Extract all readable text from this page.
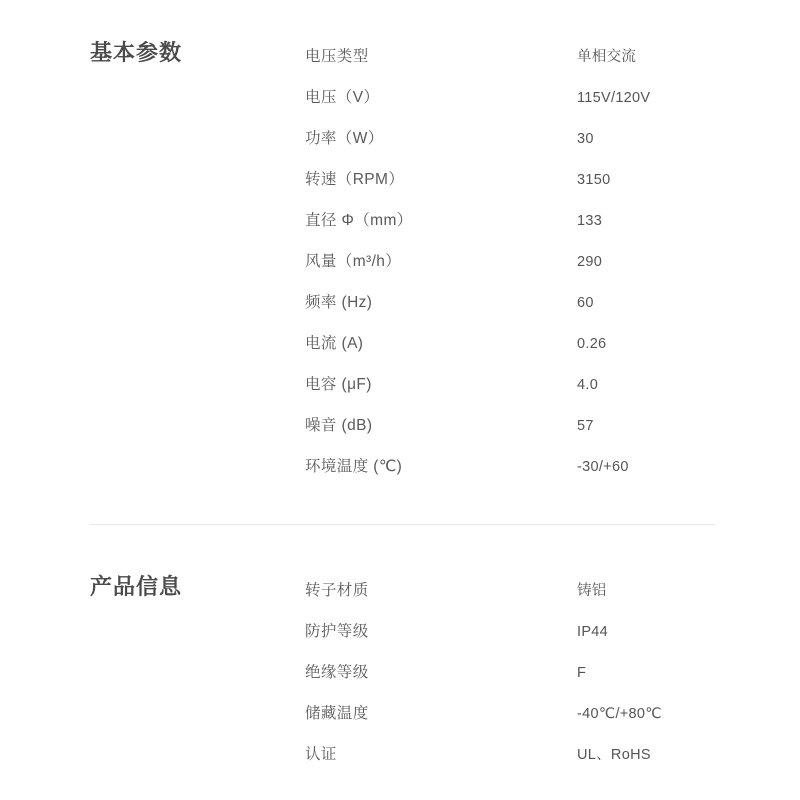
基本参数	电压类型	单相交流
电压（V）	115V/120V
功率（W）	30
转速（RPM）	3150
直径 Φ（mm）	133
风量（m³/h）	290
频率 (Hz)	60
电流 (A)	0.26
电容 (μF)	4.0
噪音 (dB)	57
环境温度 (℃)	-30/+60
产品信息	转子材质	铸铝
防护等级	IP44
绝缘等级	F
储藏温度	-40℃/+80℃
认证	UL、RoHS
